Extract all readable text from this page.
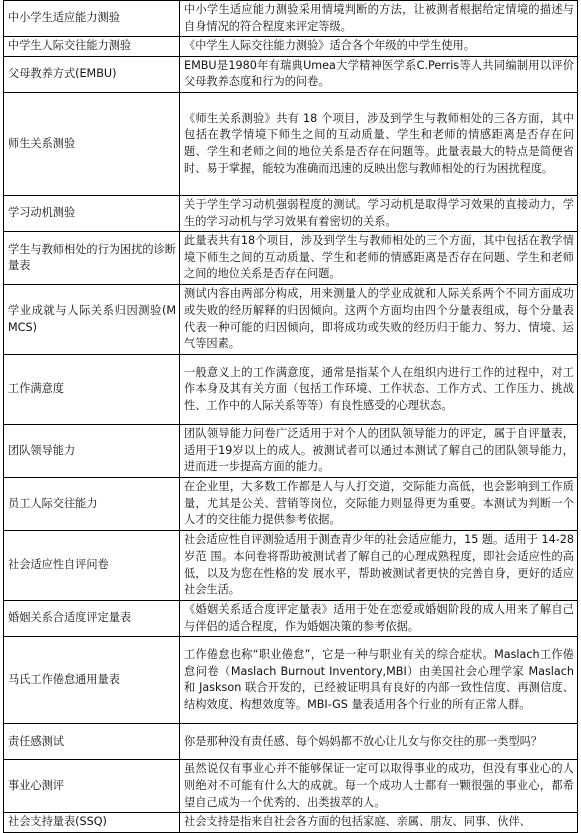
中小学生适应能力测验	中小学生适应能力测验采用情境判断的方法，让被测者根据给定情境的描述与自身情况的符合程度来评定等级。
中学生人际交往能力测验	《中学生人际交往能力测验》适合各个年级的中学生使用。
父母教养方式(EMBU)	EMBU是1980年有瑞典Umea大学精神医学系C.Perris等人共同编制用以评价父母教养态度和行为的问卷。
师生关系测验	《师生关系测验》共有 18 个项目，涉及到学生与教师相处的三各方面，其中包括在教学情境下师生之间的互动质量、学生和老师的情感距离是否存在问题、学生和老师之间的地位关系是否存在问题等。此量表最大的特点是简便省时、易于掌握，能较为准确而迅速的反映出您与教师相处的行为困扰程度。
学习动机测验	关于学生学习动机强弱程度的测试。学习动机是取得学习效果的直接动力，学生的学习动机与学习效果有着密切的关系。
学生与教师相处的行为困扰的诊断量表	此量表共有18个项目，涉及到学生与教师相处的三个方面，其中包括在教学情境下师生之间的互动质量、学生和老师的情感距离是否存在问题、学生和老师之间的地位关系是否存在问题。
学业成就与人际关系归因测验(MMCS)	测试内容由两部分构成，用来测量人的学业成就和人际关系两个不同方面成功或失败的经历解释的归因倾向。这两个方面均由四个分量表组成，每个分量表代表一种可能的归因倾向，即将成功或失败的经历归于能力、努力、情境、运气等因素。
工作满意度	一般意义上的工作满意度，通常是指某个人在组织内进行工作的过程中，对工作本身及其有关方面（包括工作环境、工作状态、工作方式、工作压力、挑战性、工作中的人际关系等等）有良性感受的心理状态。
团队领导能力	团队领导能力问卷广泛适用于对个人的团队领导能力的评定，属于自评量表，适用于19岁以上的成人。被测试者可以通过本测试了解自己的团队领导能力，进而进一步提高方面的能力。
员工人际交往能力	在企业里，大多数工作都是人与人打交道，交际能力高低，也会影响到工作质量，尤其是公关、营销等岗位，交际能力则显得更为重要。本测试为判断一个人才的交往能力提供参考依据。
社会适应性自评问卷	社会适应性自评测验适用于测查青少年的社会适应能力，15 题。适用于 14-28 岁范 围。本问卷将帮助被测试者了解自己的心理成熟程度，即社会适应性的高低，以及为您在性格的发 展水平，帮助被测试者更快的完善自身，更好的适应社会生活。
婚姻关系合适度评定量表	《婚姻关系适合度评定量表》适用于处在恋爱或婚姻阶段的成人用来了解自己与伴侣的适合程度，作为婚姻决策的参考依据。
马氏工作倦怠通用量表	工作倦怠也称“职业倦怠”，它是一种与职业有关的综合症状。Maslach工作倦怠问卷（Maslach Burnout Inventory,MBI）由美国社会心理学家 Maslach 和 Jaskson 联合开发的，已经被证明具有良好的内部一致性信度、再测信度、结构效度、构想效度等。MBI-GS 量表适用各个行业的所有正常人群。
责任感测试	你是那种没有责任感、每个妈妈都不放心让儿女与你交往的那一类型吗？
事业心测评	虽然说仅有事业心并不能够保证一定可以取得事业的成功，但没有事业心的人则绝对不可能有什么大的成就。每一个成功人士都有一颗很强的事业心，都希望自己成为一个优秀的、出类拔萃的人。
社会支持量表(SSQ)	社会支持是指来自社会各方面的包括家庭、亲属、朋友、同事、伙伴、
